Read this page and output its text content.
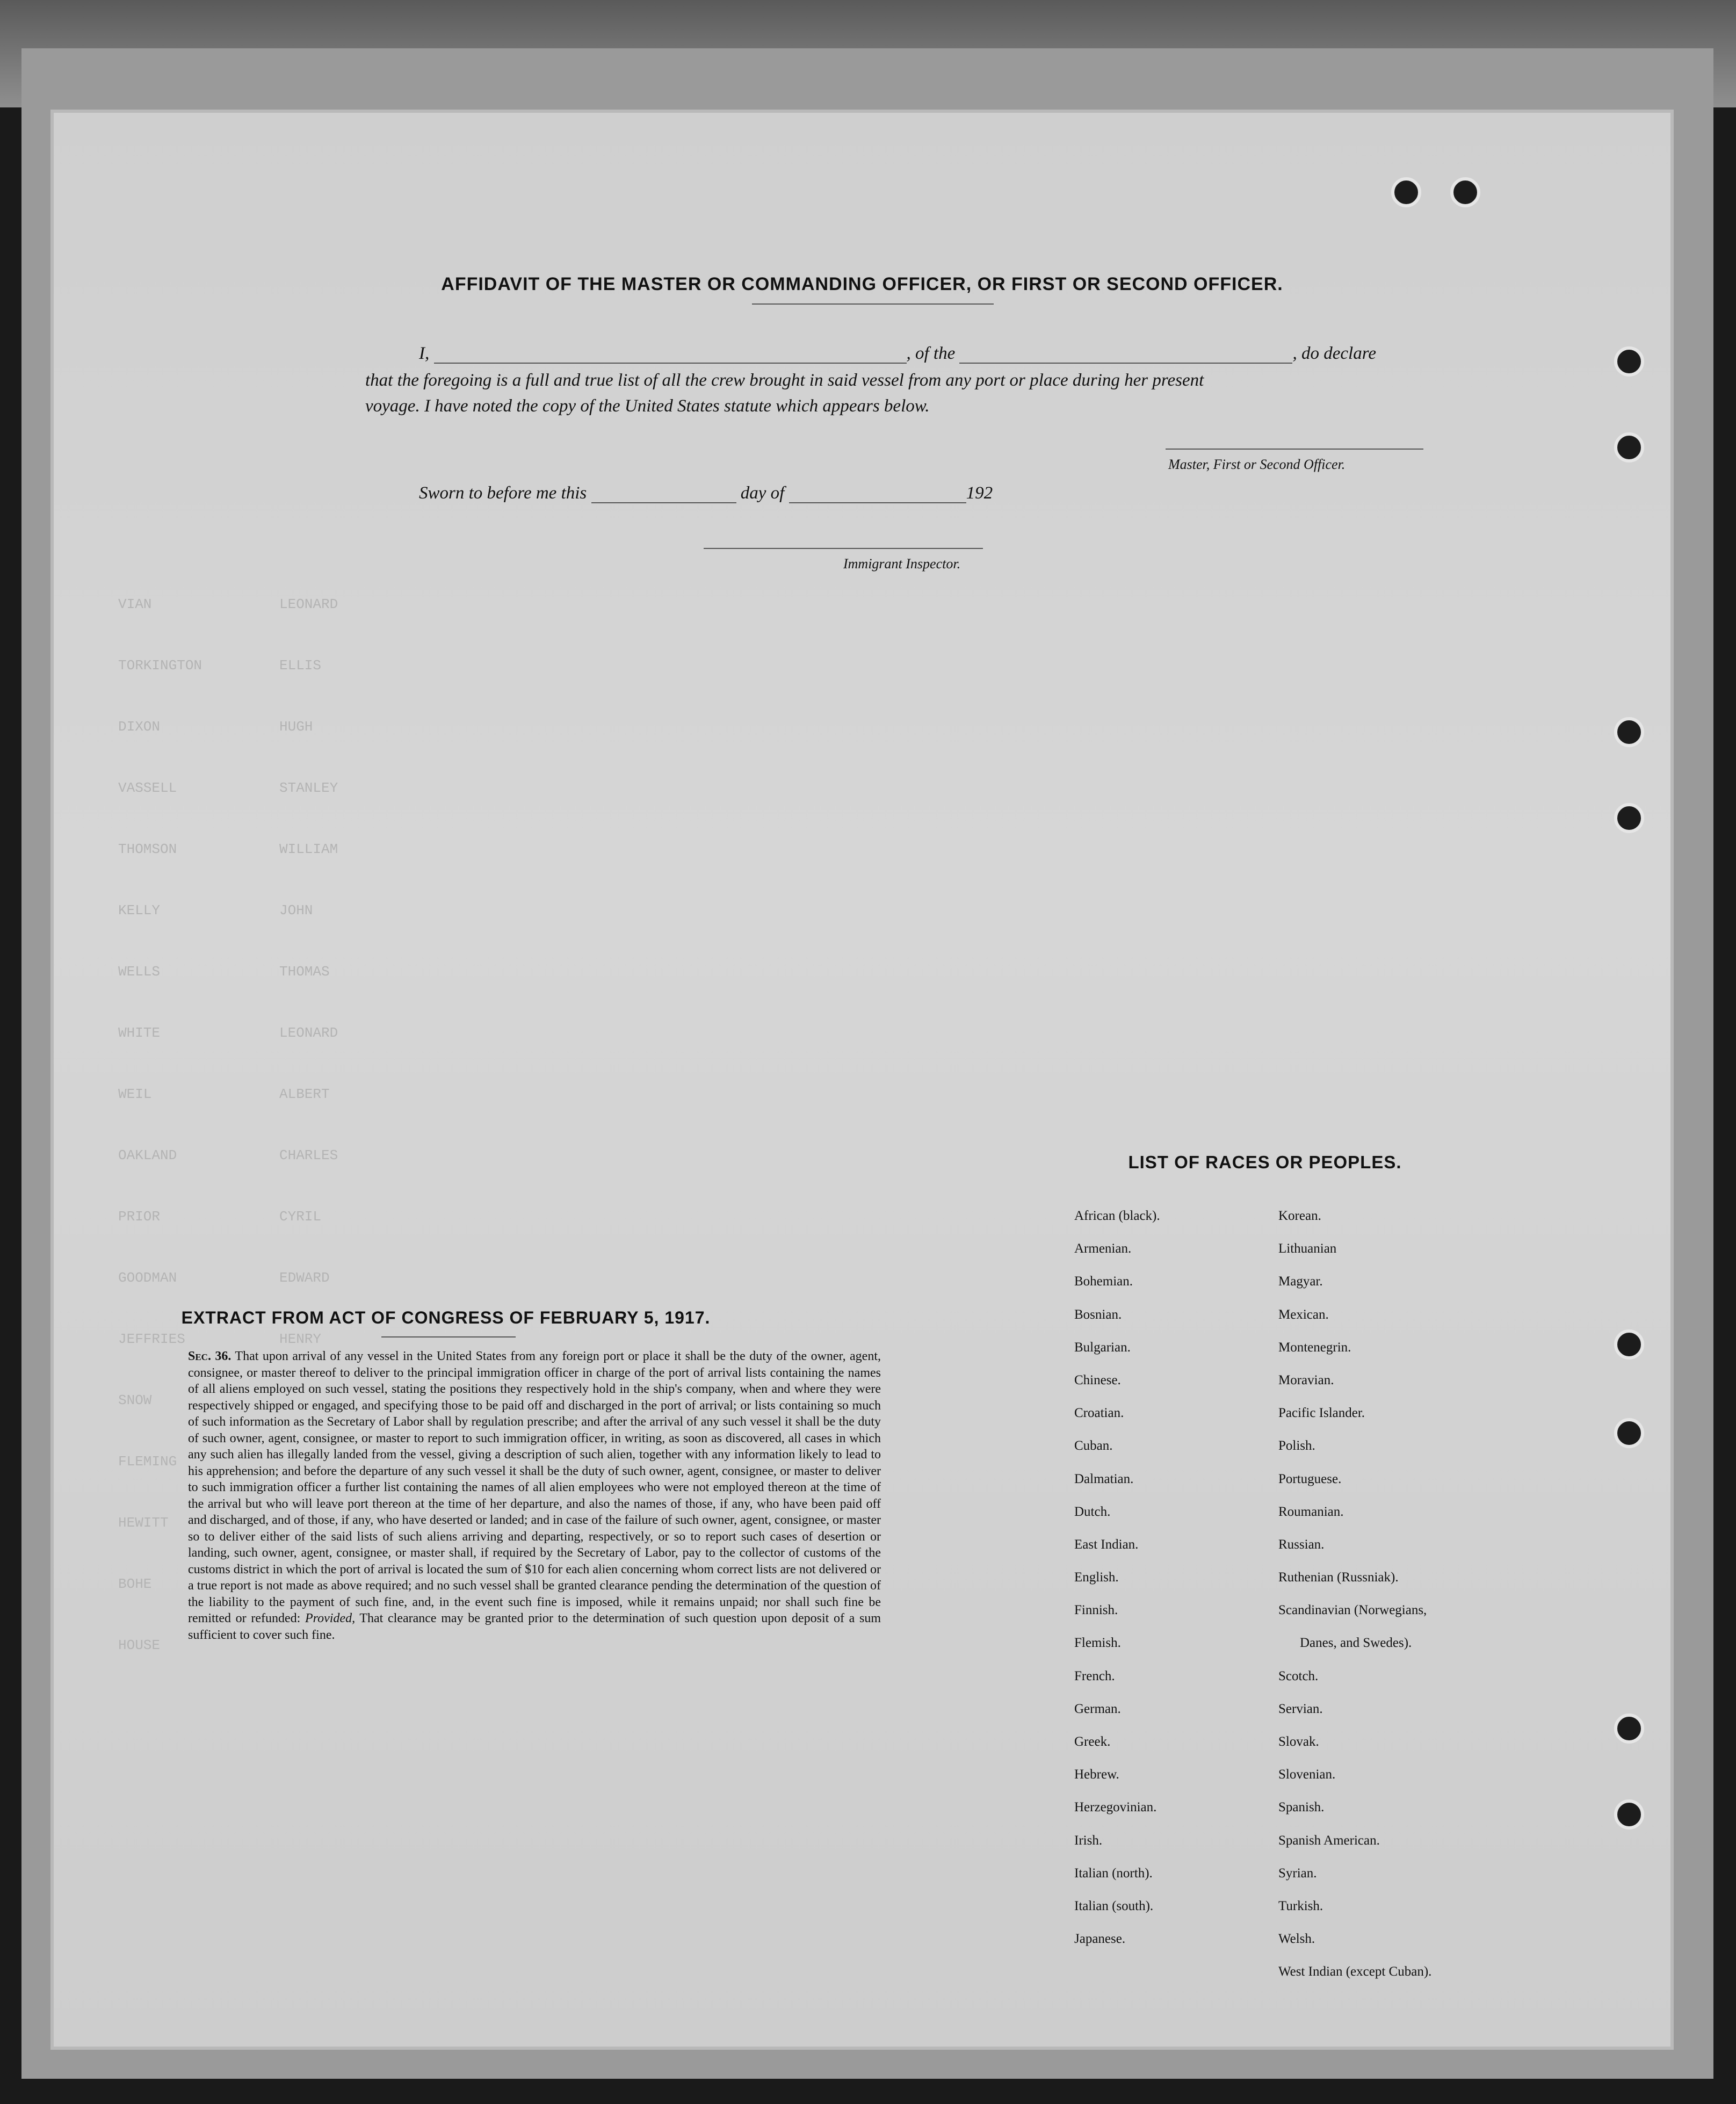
VIAN	LEONARD
TORKINGTON	ELLIS
DIXON	HUGH
VASSELL	STANLEY
THOMSON	WILLIAM
KELLY	JOHN
WELLS	THOMAS
WHITE	LEONARD
WEIL	ALBERT
OAKLAND	CHARLES
PRIOR	CYRIL
GOODMAN	EDWARD
JEFFRIES	HENRY
SNOW
FLEMING
HEWITT
BOHE
HOUSE
AFFIDAVIT OF THE MASTER OR COMMANDING OFFICER, OR FIRST OR SECOND OFFICER.
I,	, of the	, do declare
that the foregoing is a full and true list of all the crew brought in said vessel from any port or place during her present
voyage. I have noted the copy of the United States statute which appears below.
Master, First or Second Officer.
Sworn to before me this	day of	192
Immigrant Inspector.
EXTRACT FROM ACT OF CONGRESS OF FEBRUARY 5, 1917.
Sec. 36. That upon arrival of any vessel in the United States from any foreign port or place it shall be the duty of the owner, agent, consignee, or master thereof to deliver to the principal immigration officer in charge of the port of arrival lists containing the names of all aliens employed on such vessel, stating the positions they respectively hold in the ship's company, when and where they were respectively shipped or engaged, and specifying those to be paid off and discharged in the port of arrival; or lists containing so much of such information as the Secretary of Labor shall by regulation prescribe; and after the arrival of any such vessel it shall be the duty of such owner, agent, consignee, or master to report to such immigration officer, in writing, as soon as discovered, all cases in which any such alien has illegally landed from the vessel, giving a description of such alien, together with any information likely to lead to his apprehension; and before the departure of any such vessel it shall be the duty of such owner, agent, consignee, or master to deliver to such immigration officer a further list containing the names of all alien employees who were not employed thereon at the time of the arrival but who will leave port thereon at the time of her departure, and also the names of those, if any, who have been paid off and discharged, and of those, if any, who have deserted or landed; and in case of the failure of such owner, agent, consignee, or master so to deliver either of the said lists of such aliens arriving and departing, respectively, or so to report such cases of desertion or landing, such owner, agent, consignee, or master shall, if required by the Secretary of Labor, pay to the collector of customs of the customs district in which the port of arrival is located the sum of $10 for each alien concerning whom correct lists are not delivered or a true report is not made as above required; and no such vessel shall be granted clearance pending the determination of the question of the liability to the payment of such fine, and, in the event such fine is imposed, while it remains unpaid; nor shall such fine be remitted or refunded: Provided, That clearance may be granted prior to the determination of such question upon deposit of a sum sufficient to cover such fine.
LIST OF RACES OR PEOPLES.
African (black).
Armenian.
Bohemian.
Bosnian.
Bulgarian.
Chinese.
Croatian.
Cuban.
Dalmatian.
Dutch.
East Indian.
English.
Finnish.
Flemish.
French.
German.
Greek.
Hebrew.
Herzegovinian.
Irish.
Italian (north).
Italian (south).
Japanese.
Korean.
Lithuanian
Magyar.
Mexican.
Montenegrin.
Moravian.
Pacific Islander.
Polish.
Portuguese.
Roumanian.
Russian.
Ruthenian (Russniak).
Scandinavian (Norwegians,
Danes, and Swedes).
Scotch.
Servian.
Slovak.
Slovenian.
Spanish.
Spanish American.
Syrian.
Turkish.
Welsh.
West Indian (except Cuban).
